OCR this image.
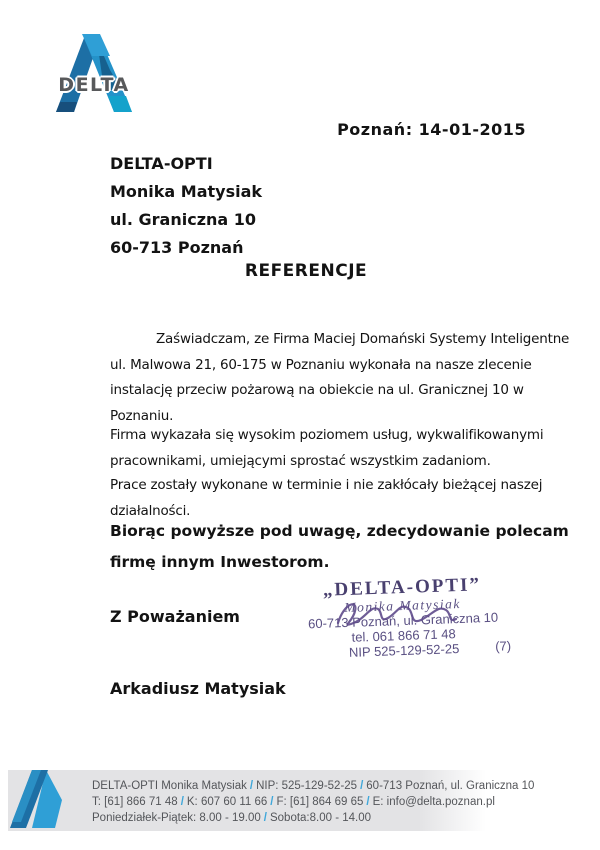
DELTA
Poznań: 14-01-2015
DELTA-OPTI
Monika Matysiak
ul. Graniczna 10
60-713 Poznań
REFERENCJE
Zaświadczam, ze Firma Maciej Domański Systemy Inteligentne
ul. Malwowa 21, 60-175 w Poznaniu wykonała na nasze zlecenie
instalację przeciw pożarową na obiekcie na ul. Granicznej 10 w
Poznaniu.
Firma wykazała się wysokim poziomem usług, wykwalifikowanymi
pracownikami, umiejącymi sprostać wszystkim zadaniom.
Prace zostały wykonane w terminie i nie zakłócały bieżącej naszej
działalności.
Biorąc powyższe pod uwagę, zdecydowanie polecam
firmę innym Inwestorom.
Z Poważaniem
„DELTA-OPTI”
Monika Matysiak
60-713 Poznań, ul. Graniczna 10
tel. 061 866 71 48
NIP 525-129-52-25	(7)
Arkadiusz Matysiak
DELTA-OPTI Monika Matysiak / NIP: 525-129-52-25 / 60-713 Poznań, ul. Graniczna 10
T: [61] 866 71 48 / K: 607 60 11 66 / F: [61] 864 69 65 / E: info@delta.poznan.pl
Poniedziałek-Piątek: 8.00 - 19.00 / Sobota:8.00 - 14.00
